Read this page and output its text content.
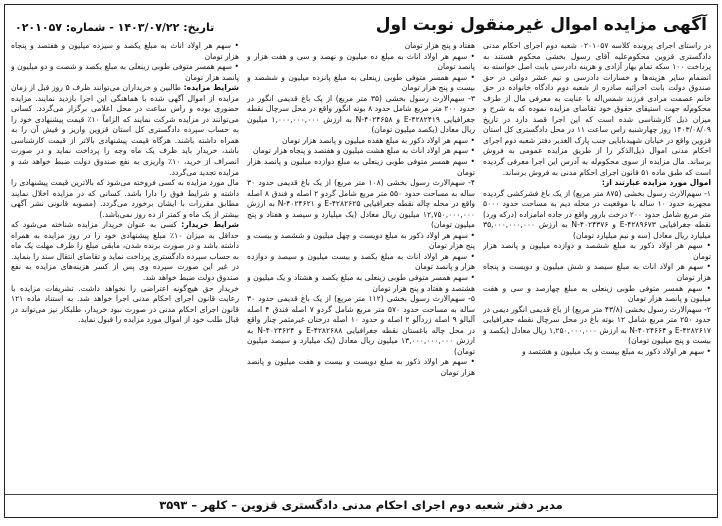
آگهی مزایده اموال غیرمنقول نوبت اول
تاریخ: ۱۴۰۳/۰۷/۲۲ - شماره: ۰۲۰۱۰۵۷

در راستای اجرای پرونده کلاسه ۰۲۰۱۰۵۷ شعبه دوم اجرای احکام مدنی دادگستری قزوین محکوم‌علیه آقای رسول بخشی محکوم هستند به پرداخت ۱۰۰ سکه تمام بهار آزادی و هزینه دادرسی بابت اصل خواسته به انضمام سایر هزینه‌ها و خسارات دادرسی و نیم عشر دولتی در حق صندوق دولت بابت اجرائیه صادره از شعبه دوم دادگاه خانواده در حق خانم عصمت مرادی فرزند شمس‌اله با عنایت به معرفی مال از طرف محکوم‌له جهت استیفای حقوق خود تقاضای مزایده نموده که به شرح و میزان ذیل کارشناسی شده است که این اجرا قصد دارد در تاریخ ۱۴۰۳/۰۸/۰۹ روز چهارشنبه راس ساعت ۱۱ در محل دادگستری کل استان قزوین واقع در خیابان شهیدبابایی جنب پارک الغدیر دفتر شعبه دوم اجرای احکام مدنی اموال ذیل‌الذکر را از طریق مزایده عمومی به فروش برساند. مال مزایده از سوی محکوم‌له به آدرس این اجرا معرفی گردیده است که طبق ماده ۵۱ قانون اجرای احکام مدنی به فروش برساند.

اموال مورد مزایده عبارتند از:

۱- سهم‌الارث رسول بخشی (۸۷۵ متر مربع) از یک باغ فشرکشی گردیده مجهزبه حدود ۱۰ ساله با موقعیت در محله دیم به مساحت حدود ۵۰۰۰ متر مربع شامل حدود ۲۰۰ درخت بارور واقع در جاده امامزاده (درکه ورد) نقطه جغرافیایی ۴۲۸۹۶۷۳-E و ۴۰۲۴۳۷۶-N به ارزش ۳۵,۰۰۰,۰۰۰,۰۰۰ میلیارد ریال معادل (سه و نیم میلیارد تومان)

• سهم هر اولاد ذکور به مبلغ ششصد و دوازده میلیون و پانصد هزار تومان

• سهم هر اولاد اناث به مبلغ سیصد و شش میلیون و دویست و پنجاه هزار تومان

• سهم همسر متوفی طوبی زینعلی به مبلغ چهارصد و سی و هفت میلیون و پانصد هزار تومان

۲- سهم‌الارث رسول بخشی (۴۳/۸ متر مربع) از باغ قدیمی انگور دیمی در حدود ۲۵۰ متر مربع شامل ۱۲ بوته باغ در محل سرچال نقطه جغرافیایی ۴۲۸۲۶۱۷-E و ۴۰۲۴۶۶۴-N به ارزش ۱,۲۵۰,۰۰۰,۰۰۰ ریال معادل (یکصد و بیست و پنج میلیون تومان)

• سهم هر اولاد ذکور به مبلغ بیست و یک میلیون و هشتصد و

هفتاد و پنج هزار تومان

• سهم هر اولاد اناث به مبلغ ده میلیون و نهصد و سی و هفت هزار و پانصد تومان

• سهم همسر متوفی طوبی زینعلی به مبلغ پانزده میلیون و ششصد و بیست و پنج هزار تومان

۳- سهم‌الارث رسول بخشی (۳۵ متر مربع) از یک باغ قدیمی انگور در حدود ۲۰۰ متر مربع شامل حدود ۸ بوته انگور واقع در محل سرچال نقطه جغرافیایی ۴۲۸۲۴۱۹-E و ۴۰۲۴۶۵۸-N به ارزش ۱,۰۰۰,۰۰۰,۰۰۰ میلیون ریال معادل (یکصد میلیون تومان)

• سهم هر اولاد ذکور به مبلغ هفده میلیون و پانصد هزار تومان

• سهم هر اولاد اناث به مبلغ هشت میلیون و هفتصد و پنجاه هزار تومان

• سهم همسر متوفی طوبی زینعلی به مبلغ دوازده میلیون و پانصد هزار تومان

۴- سهم‌الارث رسول بخشی (۱۰۸ متر مربع) از یک باغ قدیمی حدود ۳۰ ساله به مساحت حدود ۵۵۰ متر مربع شامل گردو ۲ اصله و فندق ۸ اصله واقع در محله چاله نقطه جغرافیایی ۴۲۸۲۶۲۵-E و ۴۰۲۴۶۲۱-N به ارزش ۱۲,۷۵۰,۰۰۰,۰۰۰ میلیون ریال معادل (یک میلیارد و سیصد و هفتاد و پنج میلیون تومان)

• سهم هر اولاد ذکور به مبلغ دویست و چهل میلیون و ششصد و بیست و پنج هزار تومان

• سهم هر اولاد اناث به مبلغ یکصد و بیست میلیون و سیصد و دوازده هزار و پانصد تومان

• سهم همسر متوفی طوبی زینعلی به مبلغ یکصد و هشتاد و یک میلیون و هشتصد و هفتاد و پنج هزار تومان

۵- سهم‌الارث رسول بخشی (۱۱۲ متر مربع) از یک باغ قدیمی حدود ۳۰ ساله به مساحت حدود ۵۷۰ متر مربع شامل گردو ۷ اصله فندق ۴ اصله آلبالو ۹ اصله زردآلو ۲ اصله و حدود ۱۰ اصله درختان غیرمثمر چنار واقع در محل چاله باغستان نقطه جغرافیایی ۴۲۸۲۶۸۸-E و ۴۰۲۴۶۲۴-N به ارزش ۱۳,۰۰۰,۰۰۰,۰۰۰ میلیون ریال معادل (یک میلیارد و سیصد میلیون تومان)

• سهم هر اولاد ذکور به مبلغ دویست و بیست و هفت میلیون و پانصد هزار تومان

• سهم هر اولاد اناث به مبلغ یکصد و سیزده میلیون و هفتصد و پنجاه هزار تومان

• سهم همسر متوفی طوبی زینعلی به مبلغ یکصد و شصت و دو میلیون و پانصد هزار تومان

شرایط مزایده: طالبین و خریداران می‌توانند ظرف ۵ روز قبل از زمان مزایده از اموال آگهی شده با هماهنگی این اجرا بازدید نمایند. مزایده حضوری بوده و راس ساعت در محل اعلامی برگزار می‌گردد. کسانی می‌توانند در مزایده شرکت نمایند که الزاماً ۱۰٪ قیمت پیشنهادی خود را به حساب سپرده دادگستری کل استان قزوین واریز و فیش آن را به همراه داشته باشند. هرگاه قیمت پیشنهادی بالاتر از قیمت کارشناسی باشد، خریدار باید ظرف یک ماه وجه را پرداخت نماید و در صورت انصراف از خرید، ۱۰٪ واریزی به نفع صندوق دولت ضبط خواهد شد و مزایده تجدید می‌گردد.

مال مورد مزایده به کسی فروخته می‌شود که بالاترین قیمت پیشنهادی را داشته و شرایط فوق را دارا باشد. کسانی که در مزایده اخلال نمایند مطابق مقررات با ایشان برخورد می‌گردد. (مصوبه قانونی نشر آگهی بیشتر از یک ماه و کمتر از ده روز نمی‌باشد.)

شرایط خریدار: کسی به عنوان خریدار مزایده شناخته می‌شود که حداقل به میزان ۱۰٪ مبلغ پیشنهادی خود را در روز مزایده به همراه داشته باشد و در صورت برنده شدن، مابقی مبلغ را ظرف مهلت یک ماه به حساب سپرده دادگستری پرداخت نماید و تقاضای انتقال سند را بنماید. در غیر این صورت سپرده وی پس از کسر هزینه‌های مزایده به نفع صندوق دولت ضبط خواهد شد.

خریدار حق هیچ‌گونه اعتراضی را نخواهد داشت. تشریفات مزایده با رعایت قانون اجرای احکام مدنی اجرا خواهد شد. به استناد ماده ۱۲۱ قانون اجرای احکام مدنی در صورت نبود خریدار، طلبکار نیز می‌تواند در قبال طلب خود از اموال مورد مزایده را قبول نماید.

مدیر دفتر شعبه دوم اجرای احکام مدنی دادگستری قزوین – کلهر – ۳۵۹۳
